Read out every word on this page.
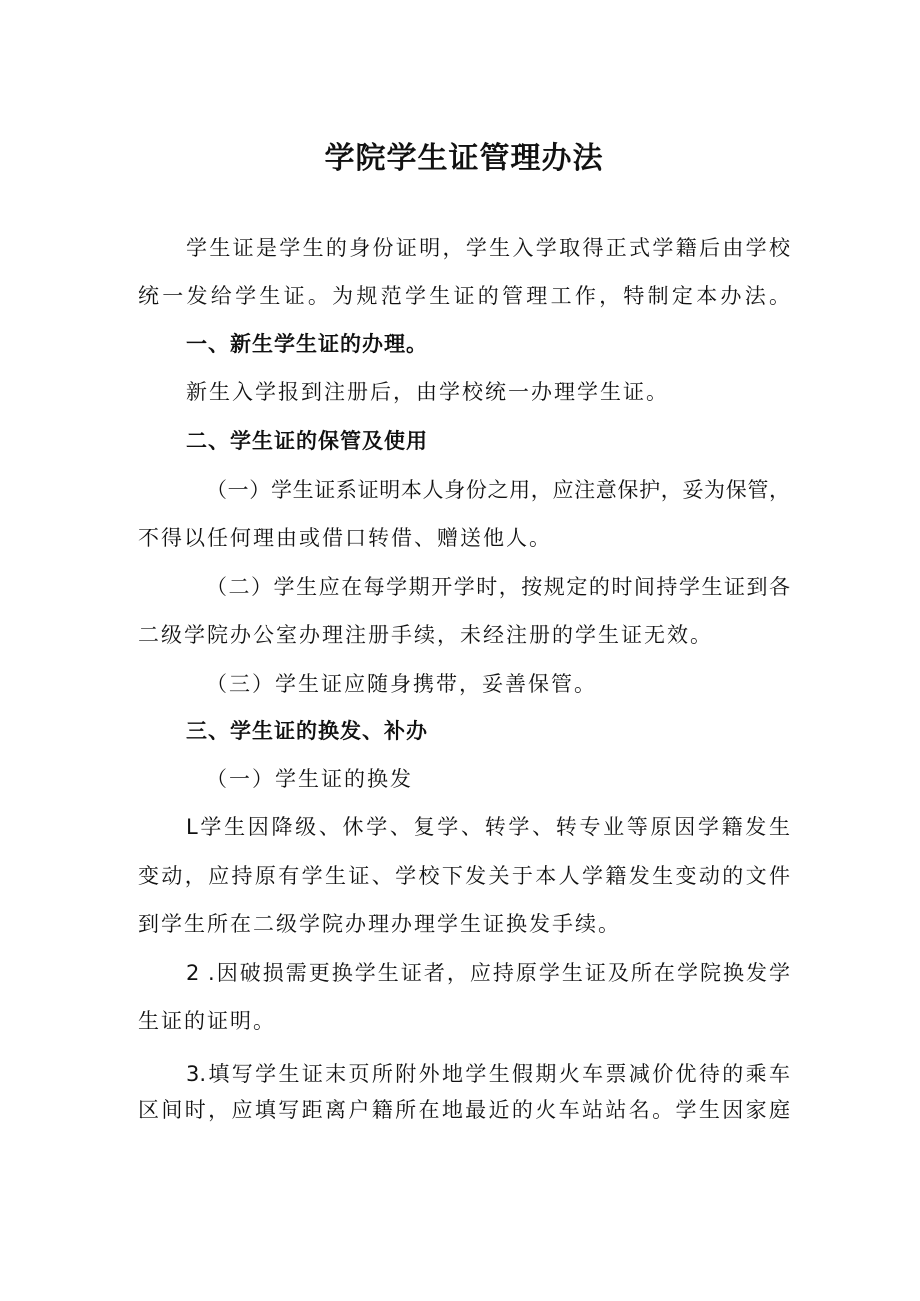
学院学生证管理办法
学生证是学生的身份证明，学生入学取得正式学籍后由学校
统一发给学生证。为规范学生证的管理工作，特制定本办法。
一、新生学生证的办理。
新生入学报到注册后，由学校统一办理学生证。
二、学生证的保管及使用
（一）学生证系证明本人身份之用，应注意保护，妥为保管，
不得以任何理由或借口转借、赠送他人。
（二）学生应在每学期开学时，按规定的时间持学生证到各
二级学院办公室办理注册手续，未经注册的学生证无效。
（三）学生证应随身携带，妥善保管。
三、学生证的换发、补办
（一）学生证的换发
L学生因降级、休学、复学、转学、转专业等原因学籍发生
变动，应持原有学生证、学校下发关于本人学籍发生变动的文件
到学生所在二级学院办理办理学生证换发手续。
2 .因破损需更换学生证者，应持原学生证及所在学院换发学
生证的证明。
3.填写学生证末页所附外地学生假期火车票减价优待的乘车
区间时，应填写距离户籍所在地最近的火车站站名。学生因家庭
